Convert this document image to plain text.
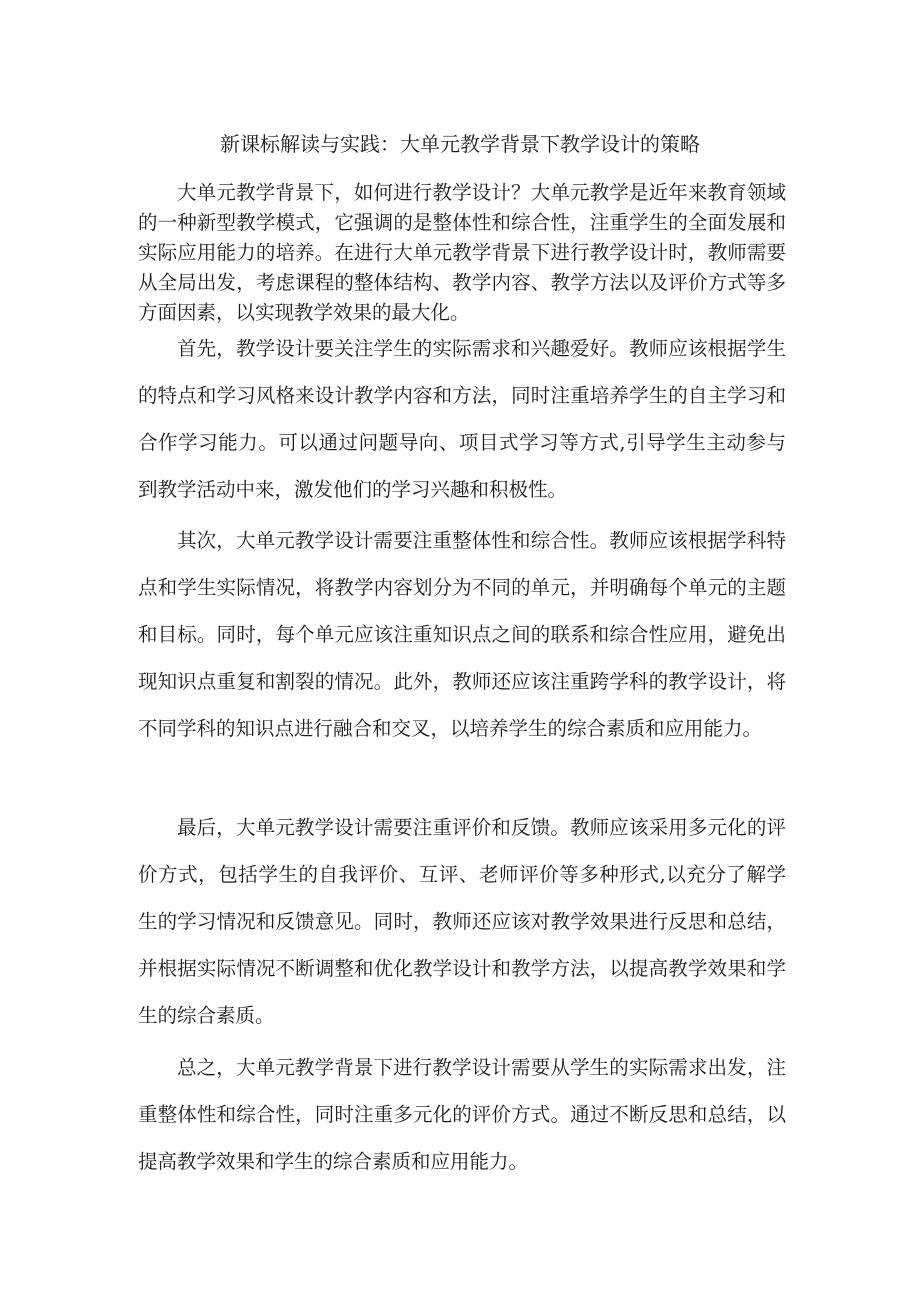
新课标解读与实践：大单元教学背景下教学设计的策略

大单元教学背景下，如何进行教学设计？大单元教学是近年来教育领域的一种新型教学模式，它强调的是整体性和综合性，注重学生的全面发展和实际应用能力的培养。在进行大单元教学背景下进行教学设计时，教师需要从全局出发，考虑课程的整体结构、教学内容、教学方法以及评价方式等多方面因素，以实现教学效果的最大化。

首先，教学设计要关注学生的实际需求和兴趣爱好。教师应该根据学生的特点和学习风格来设计教学内容和方法，同时注重培养学生的自主学习和合作学习能力。可以通过问题导向、项目式学习等方式,引导学生主动参与到教学活动中来，激发他们的学习兴趣和积极性。

其次，大单元教学设计需要注重整体性和综合性。教师应该根据学科特点和学生实际情况，将教学内容划分为不同的单元，并明确每个单元的主题和目标。同时，每个单元应该注重知识点之间的联系和综合性应用，避免出现知识点重复和割裂的情况。此外，教师还应该注重跨学科的教学设计，将不同学科的知识点进行融合和交叉，以培养学生的综合素质和应用能力。

最后，大单元教学设计需要注重评价和反馈。教师应该采用多元化的评价方式，包括学生的自我评价、互评、老师评价等多种形式,以充分了解学生的学习情况和反馈意见。同时，教师还应该对教学效果进行反思和总结，并根据实际情况不断调整和优化教学设计和教学方法，以提高教学效果和学生的综合素质。

总之，大单元教学背景下进行教学设计需要从学生的实际需求出发，注重整体性和综合性，同时注重多元化的评价方式。通过不断反思和总结，以提高教学效果和学生的综合素质和应用能力。
